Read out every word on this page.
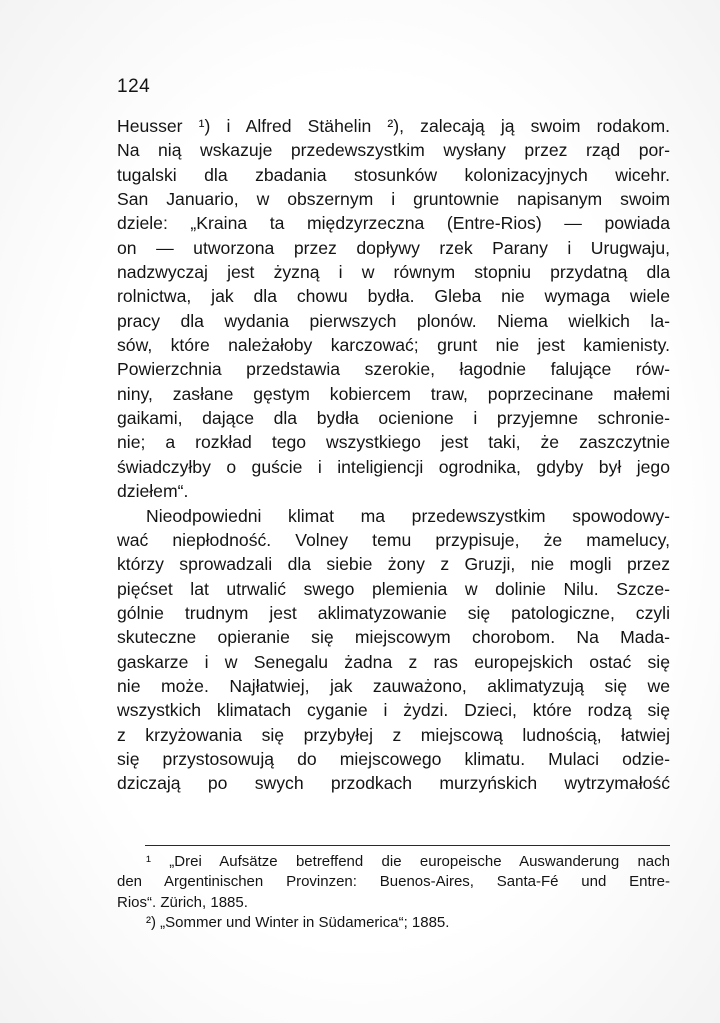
124
Heusser ¹) i Alfred Stähelin ²), zalecają ją swoim rodakom.
Na nią wskazuje przedewszystkim wysłany przez rząd por-
tugalski dla zbadania stosunków kolonizacyjnych wicehr.
San Januario, w obszernym i gruntownie napisanym swoim
dziele: „Kraina ta międzyrzeczna (Entre-Rios) — powiada
on — utworzona przez dopływy rzek Parany i Urugwaju,
nadzwyczaj jest żyzną i w równym stopniu przydatną dla
rolnictwa, jak dla chowu bydła. Gleba nie wymaga wiele
pracy dla wydania pierwszych plonów. Niema wielkich la-
sów, które należałoby karczować; grunt nie jest kamienisty.
Powierzchnia przedstawia szerokie, łagodnie falujące rów-
niny, zasłane gęstym kobiercem traw, poprzecinane małemi
gaikami, dające dla bydła ocienione i przyjemne schronie-
nie; a rozkład tego wszystkiego jest taki, że zaszczytnie
świadczyłby o guście i inteligiencji ogrodnika, gdyby był jego
dziełem“.
Nieodpowiedni klimat ma przedewszystkim spowodowy-
wać niepłodność. Volney temu przypisuje, że mamelucy,
którzy sprowadzali dla siebie żony z Gruzji, nie mogli przez
pięćset lat utrwalić swego plemienia w dolinie Nilu. Szcze-
gólnie trudnym jest aklimatyzowanie się patologiczne, czyli
skuteczne opieranie się miejscowym chorobom. Na Mada-
gaskarze i w Senegalu żadna z ras europejskich ostać się
nie może. Najłatwiej, jak zauważono, aklimatyzują się we
wszystkich klimatach cyganie i żydzi. Dzieci, które rodzą się
z krzyżowania się przybyłej z miejscową ludnością, łatwiej
się przystosowują do miejscowego klimatu. Mulaci odzie-
dziczają po swych przodkach murzyńskich wytrzymałość
¹ „Drei Aufsätze betreffend die europeische Auswanderung nach
den Argentinischen Provinzen: Buenos-Aires, Santa-Fé und Entre-
Rios“. Zürich, 1885.
²) „Sommer und Winter in Südamerica“; 1885.
